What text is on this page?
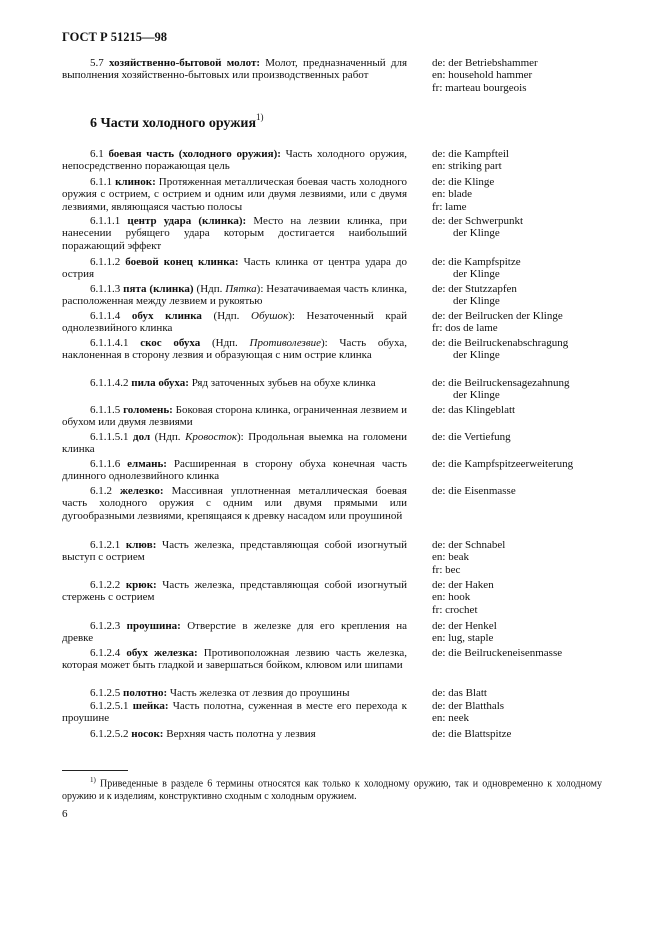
ГОСТ Р 51215—98
6 Части холодного оружия$^{1)}$
5.7 хозяйственно-бытовой молот: Молот, предназначенный для выполнения хозяйственно-бытовых или производственных работ
de: der Betriebshammer
en: household hammer
fr: marteau bourgeois
6.1 боевая часть (холодного оружия): Часть холодного оружия, непосредственно поражающая цель
de: die Kampfteil
en: striking part
6.1.1 клинок: Протяженная металлическая боевая часть холодного оружия с острием, с острием и одним или двумя лезвиями, или с двумя лезвиями, являющаяся частью полосы
de: die Klinge
en: blade
fr: lame
6.1.1.1 центр удара (клинка): Место на лезвии клинка, при нанесении рубящего удара которым достигается наибольший поражающий эффект
de: der Schwerpunkt
der Klinge
6.1.1.2 боевой конец клинка: Часть клинка от центра удара до острия
de: die Kampfspitze
der Klinge
6.1.1.3 пята (клинка) (Ндп. Пятка): Незатачиваемая часть клинка, расположенная между лезвием и рукоятью
de: der Stutzzapfen
der Klinge
6.1.1.4 обух клинка (Ндп. Обушок): Незаточенный край однолезвийного клинка
de: der Beilrucken der Klinge
fr: dos de lame
6.1.1.4.1 скос обуха (Ндп. Противолезвие): Часть обуха, наклоненная в сторону лезвия и образующая с ним острие клинка
de: die Beilruckenabschragung
der Klinge
6.1.1.4.2 пила обуха: Ряд заточенных зубьев на обухе клинка	de: die Beilruckensagezahnung
der Klinge
6.1.1.5 голомень: Боковая сторона клинка, ограниченная лезвием и обухом или двумя лезвиями
de: das Klingeblatt
6.1.1.5.1 дол (Ндп. Кровосток): Продольная выемка на голомени клинка
de: die Vertiefung
6.1.1.6 елмань: Расширенная в сторону обуха конечная часть длинного однолезвийного клинка
de: die Kampfspitzeerweiterung
6.1.2 железко: Массивная уплотненная металлическая боевая часть холодного оружия с одним или двумя прямыми или дугообразными лезвиями, крепящаяся к древку насадом или проушиной
de: die Eisenmasse
6.1.2.1 клюв: Часть железка, представляющая собой изогнутый выступ с острием
de: der Schnabel
en: beak
fr: bec
6.1.2.2 крюк: Часть железка, представляющая собой изогнутый стержень с острием
de: der Haken
en: hook
fr: crochet
6.1.2.3 проушина: Отверстие в железке для его крепления на древке
de: der Henkel
en: lug, staple
6.1.2.4 обух железка: Противоположная лезвию часть железка, которая может быть гладкой и завершаться бойком, клювом или шипами
de: die Beilruckeneisenmasse
6.1.2.5 полотно: Часть железка от лезвия до проушины	de: das Blatt
6.1.2.5.1 шейка: Часть полотна, суженная в месте его перехода к проушине
de: der Blatthals
en: neek
6.1.2.5.2 носок: Верхняя часть полотна у лезвия	de: die Blattspitze
$^{1)}$ Приведенные в разделе 6 термины относятся как только к холодному оружию, так и одновременно к холодному оружию и к изделиям, конструктивно сходным с холодным оружием.
6
